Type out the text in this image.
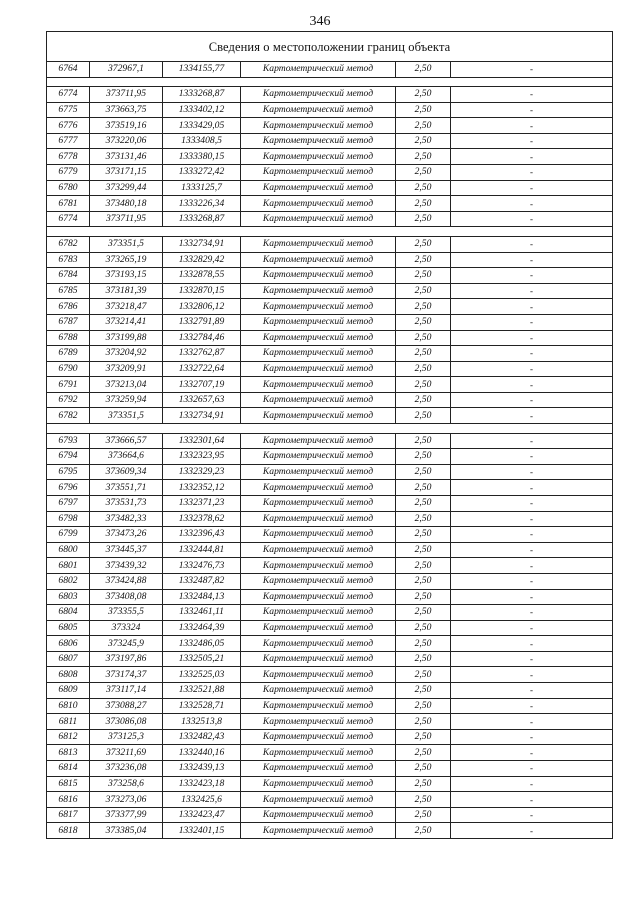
346
Сведения о местоположении границ объекта					
6764	372967,1	1334155,77	Картометрический метод	2,50	-

6774	373711,95	1333268,87	Картометрический метод	2,50	-
6775	373663,75	1333402,12	Картометрический метод	2,50	-
6776	373519,16	1333429,05	Картометрический метод	2,50	-
6777	373220,06	1333408,5	Картометрический метод	2,50	-
6778	373131,46	1333380,15	Картометрический метод	2,50	-
6779	373171,15	1333272,42	Картометрический метод	2,50	-
6780	373299,44	1333125,7	Картометрический метод	2,50	-
6781	373480,18	1333226,34	Картометрический метод	2,50	-
6774	373711,95	1333268,87	Картометрический метод	2,50	-

6782	373351,5	1332734,91	Картометрический метод	2,50	-
6783	373265,19	1332829,42	Картометрический метод	2,50	-
6784	373193,15	1332878,55	Картометрический метод	2,50	-
6785	373181,39	1332870,15	Картометрический метод	2,50	-
6786	373218,47	1332806,12	Картометрический метод	2,50	-
6787	373214,41	1332791,89	Картометрический метод	2,50	-
6788	373199,88	1332784,46	Картометрический метод	2,50	-
6789	373204,92	1332762,87	Картометрический метод	2,50	-
6790	373209,91	1332722,64	Картометрический метод	2,50	-
6791	373213,04	1332707,19	Картометрический метод	2,50	-
6792	373259,94	1332657,63	Картометрический метод	2,50	-
6782	373351,5	1332734,91	Картометрический метод	2,50	-

6793	373666,57	1332301,64	Картометрический метод	2,50	-
6794	373664,6	1332323,95	Картометрический метод	2,50	-
6795	373609,34	1332329,23	Картометрический метод	2,50	-
6796	373551,71	1332352,12	Картометрический метод	2,50	-
6797	373531,73	1332371,23	Картометрический метод	2,50	-
6798	373482,33	1332378,62	Картометрический метод	2,50	-
6799	373473,26	1332396,43	Картометрический метод	2,50	-
6800	373445,37	1332444,81	Картометрический метод	2,50	-
6801	373439,32	1332476,73	Картометрический метод	2,50	-
6802	373424,88	1332487,82	Картометрический метод	2,50	-
6803	373408,08	1332484,13	Картометрический метод	2,50	-
6804	373355,5	1332461,11	Картометрический метод	2,50	-
6805	373324	1332464,39	Картометрический метод	2,50	-
6806	373245,9	1332486,05	Картометрический метод	2,50	-
6807	373197,86	1332505,21	Картометрический метод	2,50	-
6808	373174,37	1332525,03	Картометрический метод	2,50	-
6809	373117,14	1332521,88	Картометрический метод	2,50	-
6810	373088,27	1332528,71	Картометрический метод	2,50	-
6811	373086,08	1332513,8	Картометрический метод	2,50	-
6812	373125,3	1332482,43	Картометрический метод	2,50	-
6813	373211,69	1332440,16	Картометрический метод	2,50	-
6814	373236,08	1332439,13	Картометрический метод	2,50	-
6815	373258,6	1332423,18	Картометрический метод	2,50	-
6816	373273,06	1332425,6	Картометрический метод	2,50	-
6817	373377,99	1332423,47	Картометрический метод	2,50	-
6818	373385,04	1332401,15	Картометрический метод	2,50	-
